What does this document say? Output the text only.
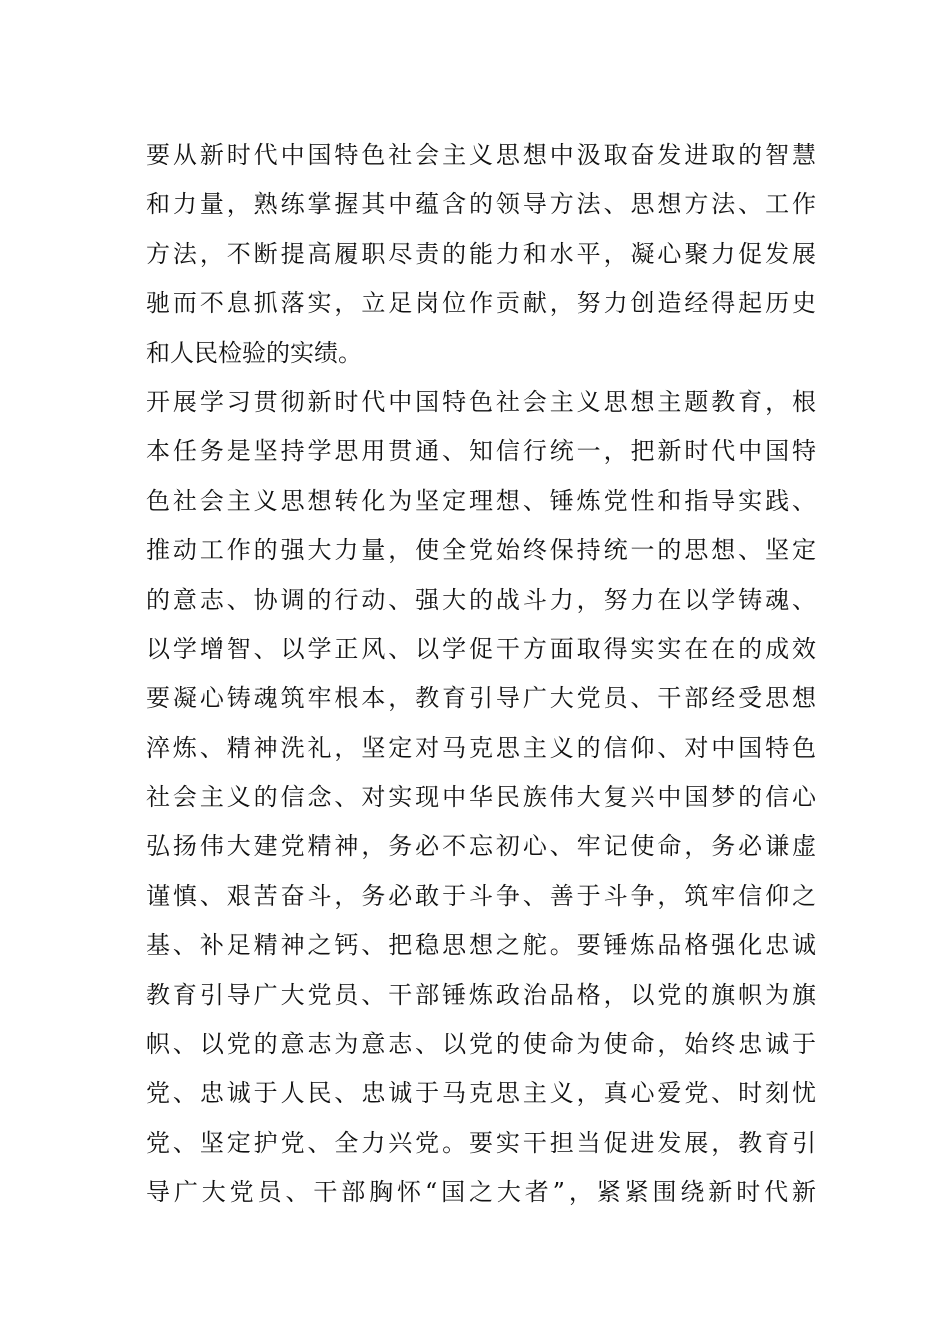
要从新时代中国特色社会主义思想中汲取奋发进取的智慧
和力量，熟练掌握其中蕴含的领导方法、思想方法、工作
方法，不断提高履职尽责的能力和水平，凝心聚力促发展
驰而不息抓落实，立足岗位作贡献，努力创造经得起历史
和人民检验的实绩。
开展学习贯彻新时代中国特色社会主义思想主题教育，根
本任务是坚持学思用贯通、知信行统一，把新时代中国特
色社会主义思想转化为坚定理想、锤炼党性和指导实践、
推动工作的强大力量，使全党始终保持统一的思想、坚定
的意志、协调的行动、强大的战斗力，努力在以学铸魂、
以学增智、以学正风、以学促干方面取得实实在在的成效
要凝心铸魂筑牢根本，教育引导广大党员、干部经受思想
淬炼、精神洗礼，坚定对马克思主义的信仰、对中国特色
社会主义的信念、对实现中华民族伟大复兴中国梦的信心
弘扬伟大建党精神，务必不忘初心、牢记使命，务必谦虚
谨慎、艰苦奋斗，务必敢于斗争、善于斗争，筑牢信仰之
基、补足精神之钙、把稳思想之舵。要锤炼品格强化忠诚
教育引导广大党员、干部锤炼政治品格，以党的旗帜为旗
帜、以党的意志为意志、以党的使命为使命，始终忠诚于
党、忠诚于人民、忠诚于马克思主义，真心爱党、时刻忧
党、坚定护党、全力兴党。要实干担当促进发展，教育引
导广大党员、干部胸怀“国之大者”，紧紧围绕新时代新
